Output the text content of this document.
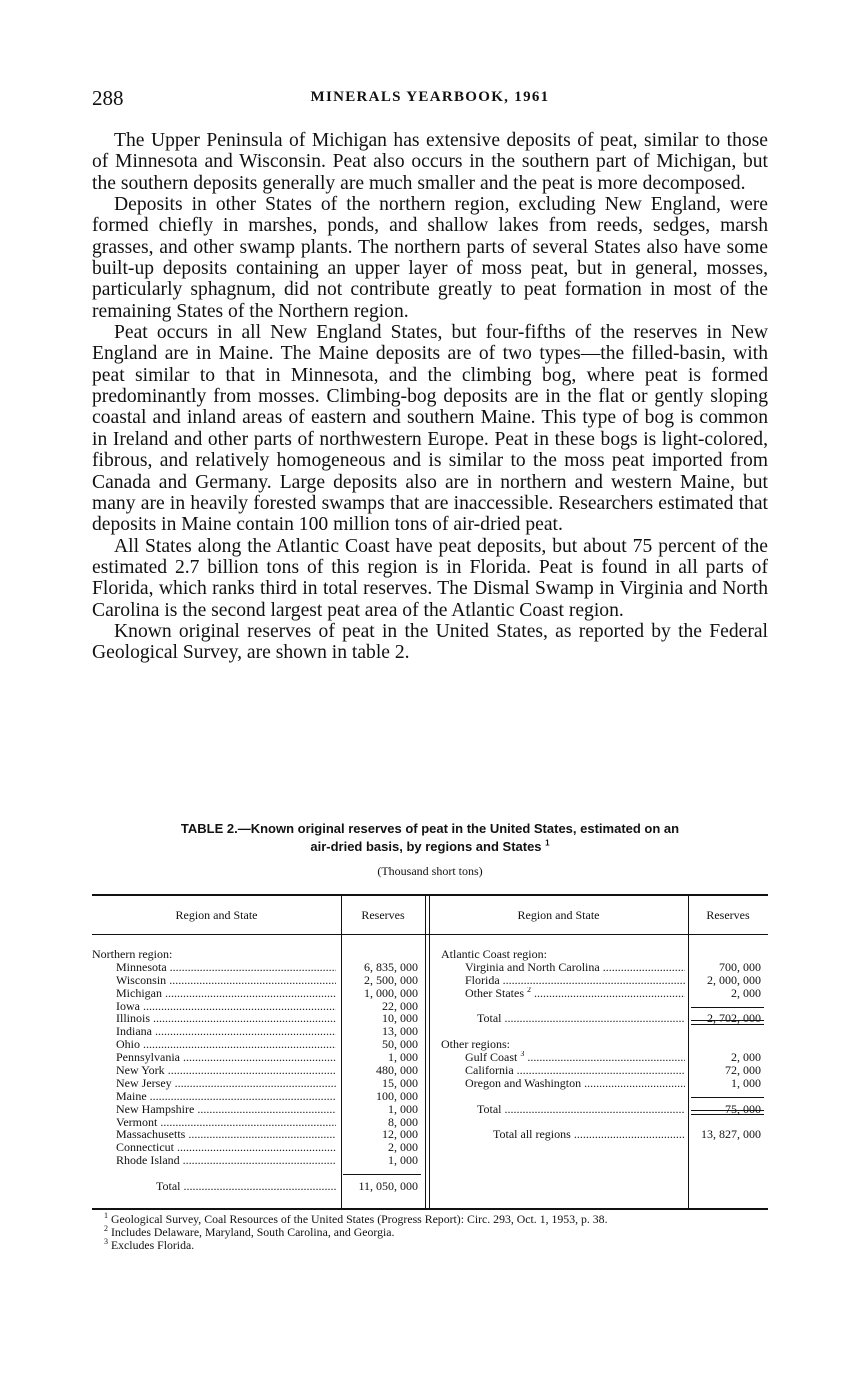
288	MINERALS YEARBOOK, 1961

The Upper Peninsula of Michigan has extensive deposits of peat, similar to those of Minnesota and Wisconsin. Peat also occurs in the southern part of Michigan, but the southern deposits generally are much smaller and the peat is more decomposed.

Deposits in other States of the northern region, excluding New England, were formed chiefly in marshes, ponds, and shallow lakes from reeds, sedges, marsh grasses, and other swamp plants. The northern parts of several States also have some built-up deposits containing an upper layer of moss peat, but in general, mosses, particularly sphagnum, did not contribute greatly to peat formation in most of the remaining States of the Northern region.

Peat occurs in all New England States, but four-fifths of the reserves in New England are in Maine. The Maine deposits are of two types—the filled-basin, with peat similar to that in Minnesota, and the climbing bog, where peat is formed predominantly from mosses. Climbing-bog deposits are in the flat or gently sloping coastal and inland areas of eastern and southern Maine. This type of bog is common in Ireland and other parts of northwestern Europe. Peat in these bogs is light-colored, fibrous, and relatively homogeneous and is similar to the moss peat imported from Canada and Germany. Large deposits also are in northern and western Maine, but many are in heavily forested swamps that are inaccessible. Researchers estimated that deposits in Maine contain 100 million tons of air-dried peat.

All States along the Atlantic Coast have peat deposits, but about 75 percent of the estimated 2.7 billion tons of this region is in Florida. Peat is found in all parts of Florida, which ranks third in total reserves. The Dismal Swamp in Virginia and North Carolina is the second largest peat area of the Atlantic Coast region.

Known original reserves of peat in the United States, as reported by the Federal Geological Survey, are shown in table 2.

TABLE 2.—Known original reserves of peat in the United States, estimated on an
air-dried basis, by regions and States $^1$
(Thousand short tons)
Region and State	Reserves	Region and State	Reserves
Northern region:
Minnesota .....	6, 835, 000
Wisconsin .....	2, 500, 000
Michigan .....	1, 000, 000
Iowa .....	22, 000
Illinois .....	10, 000
Indiana .....	13, 000
Ohio .....	50, 000
Pennsylvania .....	1, 000
New York .....	480, 000
New Jersey .....	15, 000
Maine .....	100, 000
New Hampshire .....	1, 000
Vermont .....	8, 000
Massachusetts .....	12, 000
Connecticut .....	2, 000
Rhode Island .....	1, 000
Total .....	11, 050, 000
Atlantic Coast region:
Virginia and North Carolina .....	700, 000
Florida .....	2, 000, 000
Other States $^2$ .....	2, 000
Total .....	2, 702, 000
Other regions:
Gulf Coast $^3$ .....	2, 000
California .....	72, 000
Oregon and Washington .....	1, 000
Total .....	75, 000
Total all regions .....	13, 827, 000
$^1$ Geological Survey, Coal Resources of the United States (Progress Report): Circ. 293, Oct. 1, 1953, p. 38.
$^2$ Includes Delaware, Maryland, South Carolina, and Georgia.
$^3$ Excludes Florida.
